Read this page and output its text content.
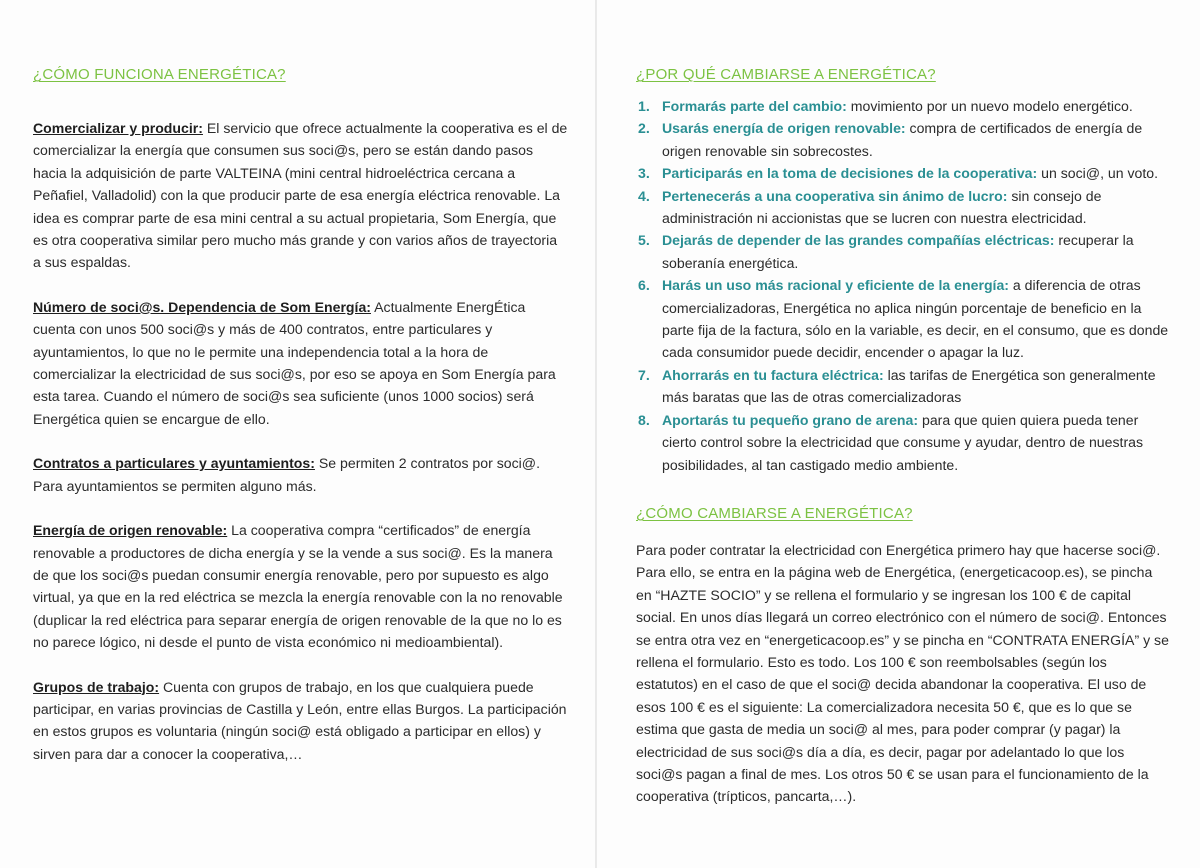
¿CÓMO FUNCIONA ENERGÉTICA?

Comercializar y producir: El servicio que ofrece actualmente la cooperativa es el de comercializar la energía que consumen sus soci@s, pero se están dando pasos hacia la adquisición de parte VALTEINA (mini central hidroeléctrica cercana a Peñafiel, Valladolid) con la que producir parte de esa energía eléctrica renovable. La idea es comprar parte de esa mini central a su actual propietaria, Som Energía, que es otra cooperativa similar pero mucho más grande y con varios años de trayectoria a sus espaldas.

Número de soci@s. Dependencia de Som Energía: Actualmente EnergÉtica cuenta con unos 500 soci@s y más de 400 contratos, entre particulares y ayuntamientos, lo que no le permite una independencia total a la hora de comercializar la electricidad de sus soci@s, por eso se apoya en Som Energía para esta tarea. Cuando el número de soci@s sea suficiente (unos 1000 socios) será Energética quien se encargue de ello.

Contratos a particulares y ayuntamientos: Se permiten 2 contratos por soci@. Para ayuntamientos se permiten alguno más.

Energía de origen renovable: La cooperativa compra “certificados” de energía renovable a productores de dicha energía y se la vende a sus soci@. Es la manera de que los soci@s puedan consumir energía renovable, pero por supuesto es algo virtual, ya que en la red eléctrica se mezcla la energía renovable con la no renovable (duplicar la red eléctrica para separar energía de origen renovable de la que no lo es no parece lógico, ni desde el punto de vista económico ni medioambiental).

Grupos de trabajo: Cuenta con grupos de trabajo, en los que cualquiera puede participar, en varias provincias de Castilla y León, entre ellas Burgos. La participación en estos grupos es voluntaria (ningún soci@ está obligado a participar en ellos) y sirven para dar a conocer la cooperativa,…

¿POR QUÉ CAMBIARSE A ENERGÉTICA?
1. Formarás parte del cambio: movimiento por un nuevo modelo energético.
2. Usarás energía de origen renovable: compra de certificados de energía de origen renovable sin sobrecostes.
3. Participarás en la toma de decisiones de la cooperativa: un soci@, un voto.
4. Pertenecerás a una cooperativa sin ánimo de lucro: sin consejo de administración ni accionistas que se lucren con nuestra electricidad.
5. Dejarás de depender de las grandes compañías eléctricas: recuperar la soberanía energética.
6. Harás un uso más racional y eficiente de la energía: a diferencia de otras comercializadoras, Energética no aplica ningún porcentaje de beneficio en la parte fija de la factura, sólo en la variable, es decir, en el consumo, que es donde cada consumidor puede decidir, encender o apagar la luz.
7. Ahorrarás en tu factura eléctrica: las tarifas de Energética son generalmente más baratas que las de otras comercializadoras
8. Aportarás tu pequeño grano de arena: para que quien quiera pueda tener cierto control sobre la electricidad que consume y ayudar, dentro de nuestras posibilidades, al tan castigado medio ambiente.
¿CÓMO CAMBIARSE A ENERGÉTICA?

Para poder contratar la electricidad con Energética primero hay que hacerse soci@. Para ello, se entra en la página web de Energética, (energeticacoop.es), se pincha en “HAZTE SOCIO” y se rellena el formulario y se ingresan los 100 € de capital social. En unos días llegará un correo electrónico con el número de soci@. Entonces se entra otra vez en “energeticacoop.es” y se pincha en “CONTRATA ENERGÍA” y se rellena el formulario. Esto es todo. Los 100 € son reembolsables (según los estatutos) en el caso de que el soci@ decida abandonar la cooperativa. El uso de esos 100 € es el siguiente: La comercializadora necesita 50 €, que es lo que se estima que gasta de media un soci@ al mes, para poder comprar (y pagar) la electricidad de sus soci@s día a día, es decir, pagar por adelantado lo que los soci@s pagan a final de mes. Los otros 50 € se usan para el funcionamiento de la cooperativa (trípticos, pancarta,…).
